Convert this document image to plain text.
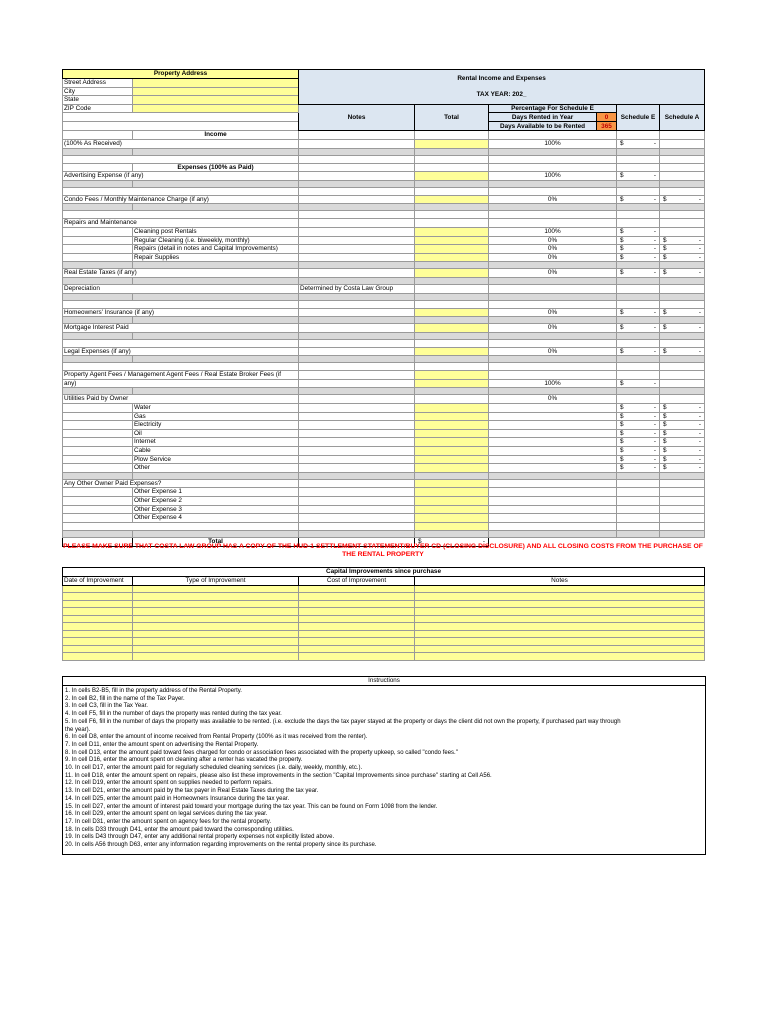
Property Address		Rental Income and Expenses
TAX YEAR: 202_					

Street Address							
City							
State							
ZIP Code		Notes	Total	Percentage For Schedule E		Schedule E	Schedule A
				Days Rented in Year	0		
				Days Available to be Rented	365		
	Income						
(100% As Received)				100%		$ -	

	Expenses (100% as Paid)						
Advertising Expense (if any)				100%		$ -	

Condo Fees / Monthly Maintenance Charge (if any)				0%		$ -	$ -

Repairs and Maintenance							
	Cleaning post Rentals			100%		$ -	

	Regular Cleaning (i.e. biweekly, monthly)			0%		$ -	$ -

	Repairs (detail in notes and Capital Improvements)			0%		$ -	$ -

	Repair Supplies			0%		$ -	$ -

Real Estate Taxes (if any)				0%		$ -	$ -

Depreciation		Determined by Costa Law Group					

Homeowners' Insurance (if any)				0%		$ -	$ -

Mortgage Interest Paid				0%		$ -	$ -

Legal Expenses (if any)				0%		$ -	$ -

Property Agent Fees / Management Agent Fees / Real Estate Broker Fees (if							
any)				100%		$ -	

Utilities Paid by Owner				0%			
	Water					$ -	$ -

	Gas					$ -	$ -

	Electricity					$ -	$ -

	Oil					$ -	$ -

	Internet					$ -	$ -

	Cable					$ -	$ -

	Plow Service					$ -	$ -

	Other					$ -	$ -

Any Other Owner Paid Expenses?							
	Other Expense 1						
	Other Expense 2						
	Other Expense 3						
	Other Expense 4						

	Total		$ -				

PLEASE MAKE SURE THAT COSTA LAW GROUP HAS A COPY OF THE HUD-1 SETTLEMENT STATEMENT/BUYER CD (CLOSING DISCLOSURE) AND ALL CLOSING COSTS FROM THE PURCHASE OF THE RENTAL PROPERTY
Capital Improvements since purchase			
Date of Improvement	Type of Improvement	Cost of Improvement	Notes

Instructions
1. In cells B2-B5, fill in the property address of the Rental Property.
2. In cell B2, fill in the name of the Tax Payer.
3. In cell C3, fill in the Tax Year.
4. In cell F5, fill in the number of days the property was rented during the tax year.
5. In cell F6, fill in the number of days the property was available to be rented. (i.e. exclude the days the tax payer stayed at the property or days the client did not own the property, if purchased part way through
the year).
6. In cell D8, enter the amount of income received from Rental Property (100% as it was received from the renter).
7. In cell D11, enter the amount spent on advertising the Rental Property.
8. In cell D13, enter the amount paid toward fees charged for condo or association fees associated with the property upkeep, so called "condo fees."
9. In cell D16, enter the amount spent on cleaning after a renter has vacated the property.
10. In cell D17, enter the amount paid for regularly scheduled cleaning services (i.e. daily, weekly, monthly, etc.).
11. In cell D18, enter the amount spent on repairs, please also list these improvements in the section "Capital Improvements since purchase" starting at Cell A56.
12. In cell D19, enter the amount spent on supplies needed to perform repairs.
13. In cell D21, enter the amount paid by the tax payer in Real Estate Taxes during the tax year.
14. In cell D25, enter the amount paid in Homeowners Insurance during the tax year.
15. In cell D27, enter the amount of interest paid toward your mortgage during the tax year. This can be found on Form 1098 from the lender.
16. In cell D29, enter the amount spent on legal services during the tax year.
17. In cell D31, enter the amount spent on agency fees for the rental property.
18. In cells D33 through D41, enter the amount paid toward the corresponding utilities.
19. In cells D43 through D47, enter any additional rental property expenses not explicitly listed above.
20. In cells A56 through D63, enter any information regarding improvements on the rental property since its purchase.
